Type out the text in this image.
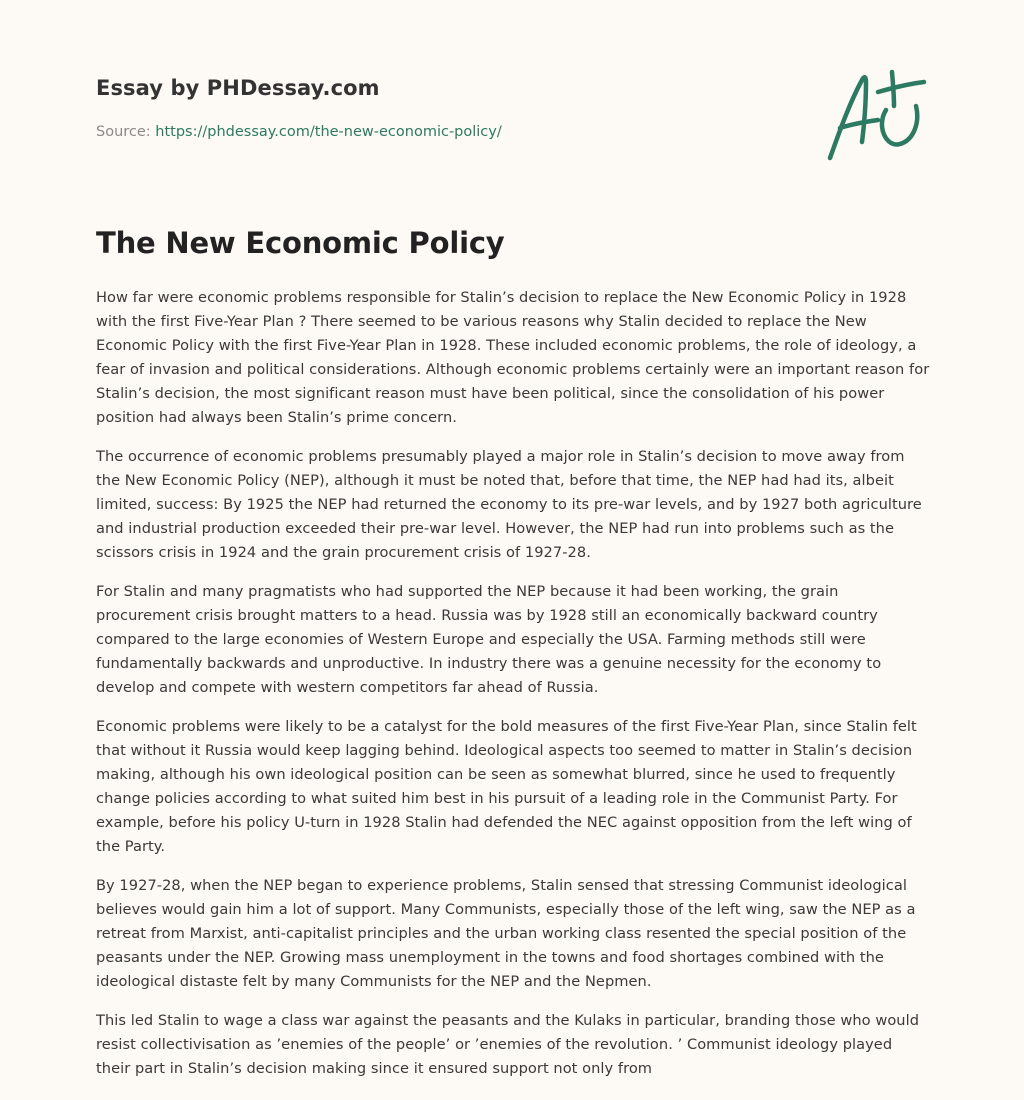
Essay by PHDessay.com
Source: https://phdessay.com/the-new-economic-policy/
The New Economic Policy

How far were economic problems responsible for Stalin’s decision to replace the New Economic Policy in 1928 with the first Five-Year Plan ? There seemed to be various reasons why Stalin decided to replace the New Economic Policy with the first Five-Year Plan in 1928. These included economic problems, the role of ideology, a fear of invasion and political considerations. Although economic problems certainly were an important reason for Stalin’s decision, the most significant reason must have been political, since the consolidation of his power position had always been Stalin’s prime concern.

The occurrence of economic problems presumably played a major role in Stalin’s decision to move away from the New Economic Policy (NEP), although it must be noted that, before that time, the NEP had had its, albeit limited, success: By 1925 the NEP had returned the economy to its pre-war levels, and by 1927 both agriculture and industrial production exceeded their pre-war level. However, the NEP had run into problems such as the scissors crisis in 1924 and the grain procurement crisis of 1927-28.

For Stalin and many pragmatists who had supported the NEP because it had been working, the grain procurement crisis brought matters to a head. Russia was by 1928 still an economically backward country compared to the large economies of Western Europe and especially the USA. Farming methods still were fundamentally backwards and unproductive. In industry there was a genuine necessity for the economy to develop and compete with western competitors far ahead of Russia.

Economic problems were likely to be a catalyst for the bold measures of the first Five-Year Plan, since Stalin felt that without it Russia would keep lagging behind. Ideological aspects too seemed to matter in Stalin’s decision making, although his own ideological position can be seen as somewhat blurred, since he used to frequently change policies according to what suited him best in his pursuit of a leading role in the Communist Party. For example, before his policy U-turn in 1928 Stalin had defended the NEC against opposition from the left wing of the Party.

By 1927-28, when the NEP began to experience problems, Stalin sensed that stressing Communist ideological believes would gain him a lot of support. Many Communists, especially those of the left wing, saw the NEP as a retreat from Marxist, anti-capitalist principles and the urban working class resented the special position of the peasants under the NEP. Growing mass unemployment in the towns and food shortages combined with the ideological distaste felt by many Communists for the NEP and the Nepmen.

This led Stalin to wage a class war against the peasants and the Kulaks in particular, branding those who would resist collectivisation as ’enemies of the people’ or ’enemies of the revolution. ’ Communist ideology played their part in Stalin’s decision making since it ensured support not only from
